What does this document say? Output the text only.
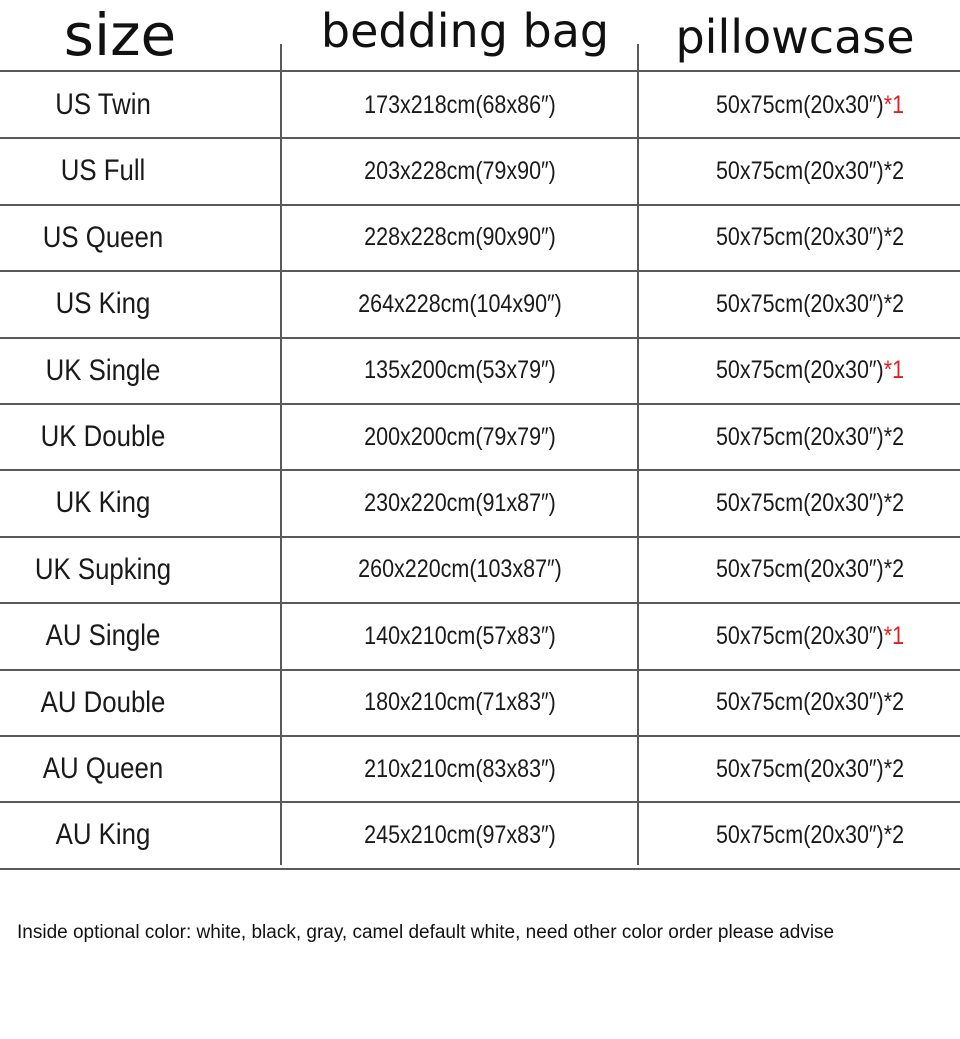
size	bedding bag	pillowcase
US Twin	173x218cm(68x86″)	50x75cm(20x30″) *1
US Full	203x228cm(79x90″)	50x75cm(20x30″) *2
US Queen	228x228cm(90x90″)	50x75cm(20x30″) *2
US King	264x228cm(104x90″)	50x75cm(20x30″) *2
UK Single	135x200cm(53x79″)	50x75cm(20x30″) *1
UK Double	200x200cm(79x79″)	50x75cm(20x30″) *2
UK King	230x220cm(91x87″)	50x75cm(20x30″) *2
UK Supking	260x220cm(103x87″)	50x75cm(20x30″) *2
AU Single	140x210cm(57x83″)	50x75cm(20x30″) *1
AU Double	180x210cm(71x83″)	50x75cm(20x30″) *2
AU Queen	210x210cm(83x83″)	50x75cm(20x30″) *2
AU King	245x210cm(97x83″)	50x75cm(20x30″) *2
Inside optional color: white, black, gray, camel default white, need other color order please advise
